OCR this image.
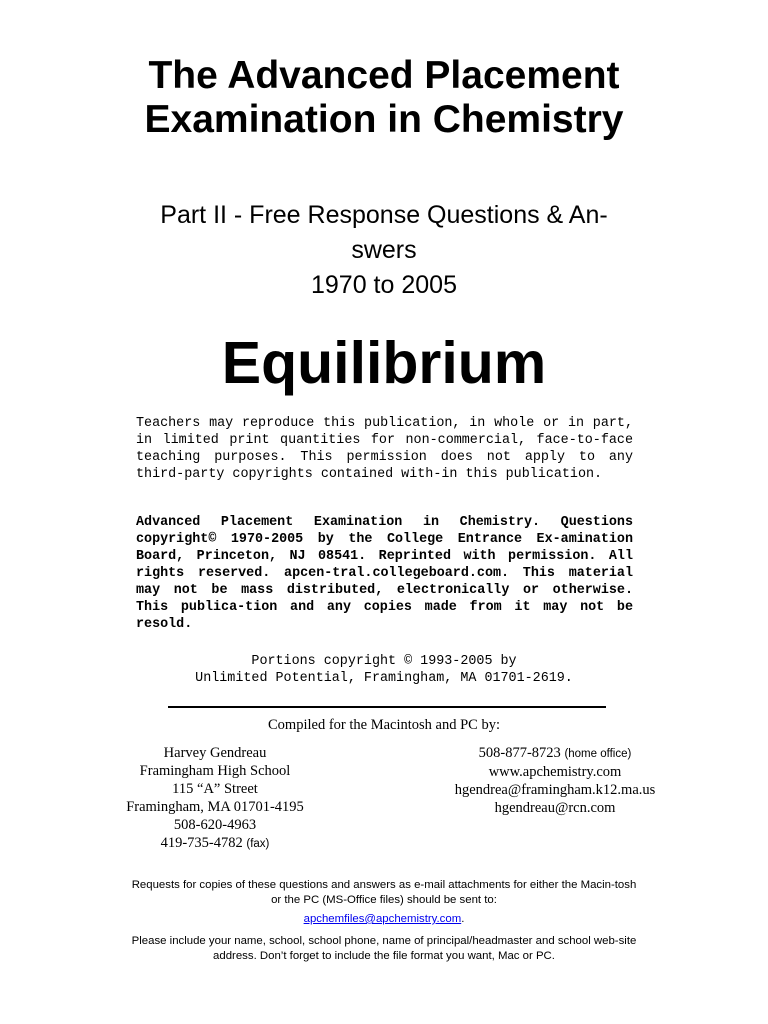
The Advanced Placement
Examination in Chemistry
Part II - Free Response Questions & An-
swers
1970 to 2005
Equilibrium
Teachers may reproduce this publication, in whole or in part, in limited print quantities for non-commercial, face-to-face teaching purposes. This permission does not apply to any third-party copyrights contained with-in this publication.
Advanced Placement Examination in Chemistry. Questions copyright© 1970-2005 by the College Entrance Ex-amination Board, Princeton, NJ 08541. Reprinted with permission. All rights reserved. apcen-tral.collegeboard.com. This material may not be mass distributed, electronically or otherwise. This publica-tion and any copies made from it may not be resold.
Portions copyright © 1993-2005 by
Unlimited Potential, Framingham, MA 01701-2619.
Compiled for the Macintosh and PC by:
Harvey Gendreau
Framingham High School
115 “A” Street
Framingham, MA 01701-4195
508-620-4963
419-735-4782 (fax)
508-877-8723 (home office)
www.apchemistry.com
hgendrea@framingham.k12.ma.us
hgendreau@rcn.com
Requests for copies of these questions and answers as e-mail attachments for either the Macin-tosh or the PC (MS-Office files) should be sent to:
apchemfiles@apchemistry.com.
Please include your name, school, school phone, name of principal/headmaster and school web-site address. Don’t forget to include the file format you want, Mac or PC.
